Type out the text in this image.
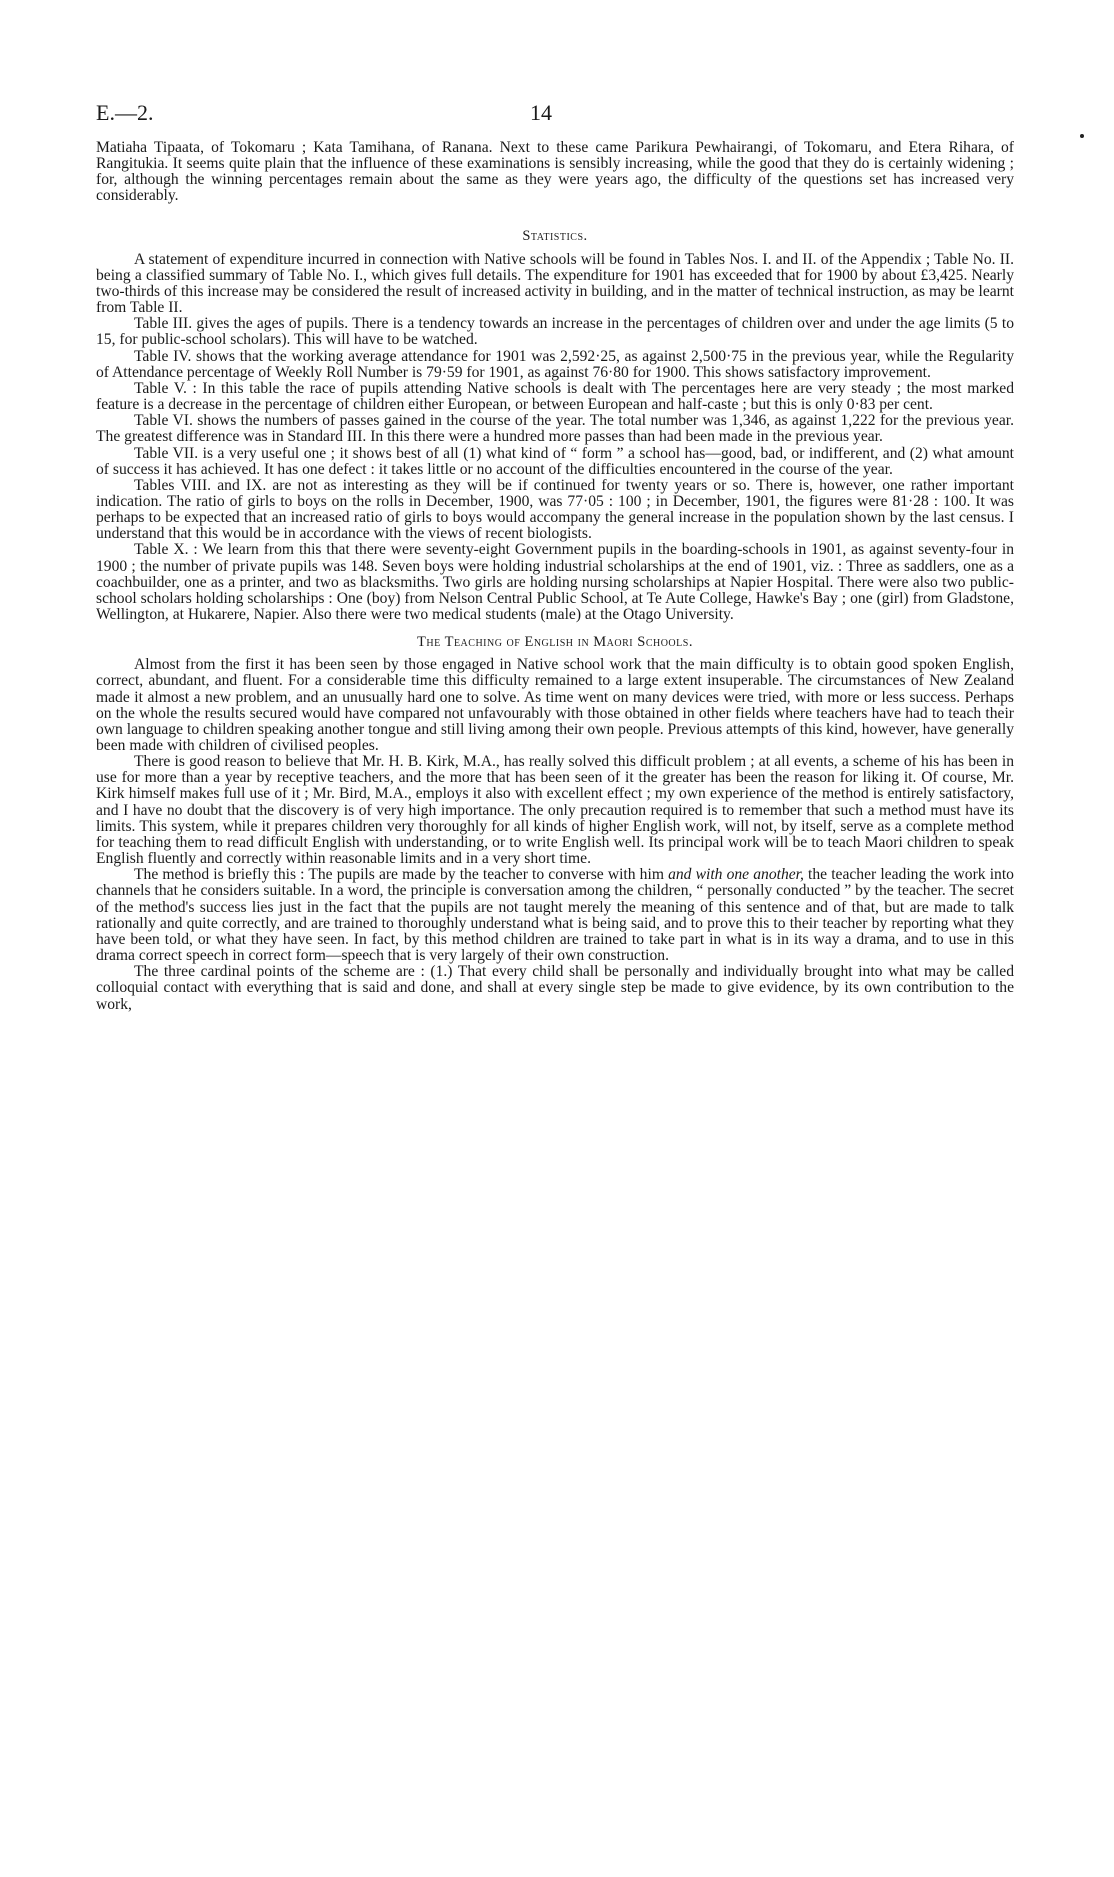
E.—2.	14

Matiaha Tipaata, of Tokomaru ; Kata Tamihana, of Ranana. Next to these came Parikura Pewhairangi, of Tokomaru, and Etera Rihara, of Rangitukia. It seems quite plain that the influence of these examinations is sensibly increasing, while the good that they do is certainly widening ; for, although the winning percentages remain about the same as they were years ago, the difficulty of the questions set has increased very considerably.

Statistics.

A statement of expenditure incurred in connection with Native schools will be found in Tables Nos. I. and II. of the Appendix ; Table No. II. being a classified summary of Table No. I., which gives full details. The expenditure for 1901 has exceeded that for 1900 by about £3,425. Nearly two-thirds of this increase may be considered the result of increased activity in building, and in the matter of technical instruction, as may be learnt from Table II.

Table III. gives the ages of pupils. There is a tendency towards an increase in the percentages of children over and under the age limits (5 to 15, for public-school scholars). This will have to be watched.

Table IV. shows that the working average attendance for 1901 was 2,592·25, as against 2,500·75 in the previous year, while the Regularity of Attendance percentage of Weekly Roll Number is 79·59 for 1901, as against 76·80 for 1900. This shows satisfactory improvement.

Table V. : In this table the race of pupils attending Native schools is dealt with The percentages here are very steady ; the most marked feature is a decrease in the percentage of children either European, or between European and half-caste ; but this is only 0·83 per cent.

Table VI. shows the numbers of passes gained in the course of the year. The total number was 1,346, as against 1,222 for the previous year. The greatest difference was in Standard III. In this there were a hundred more passes than had been made in the previous year.

Table VII. is a very useful one ; it shows best of all (1) what kind of “ form ” a school has—good, bad, or indifferent, and (2) what amount of success it has achieved. It has one defect : it takes little or no account of the difficulties encountered in the course of the year.

Tables VIII. and IX. are not as interesting as they will be if continued for twenty years or so. There is, however, one rather important indication. The ratio of girls to boys on the rolls in December, 1900, was 77·05 : 100 ; in December, 1901, the figures were 81·28 : 100. It was perhaps to be expected that an increased ratio of girls to boys would accompany the general increase in the population shown by the last census. I understand that this would be in accordance with the views of recent biologists.

Table X. : We learn from this that there were seventy-eight Government pupils in the boarding-schools in 1901, as against seventy-four in 1900 ; the number of private pupils was 148. Seven boys were holding industrial scholarships at the end of 1901, viz. : Three as saddlers, one as a coachbuilder, one as a printer, and two as blacksmiths. Two girls are holding nursing scholarships at Napier Hospital. There were also two public-school scholars holding scholarships : One (boy) from Nelson Central Public School, at Te Aute College, Hawke's Bay ; one (girl) from Gladstone, Wellington, at Hukarere, Napier. Also there were two medical students (male) at the Otago University.

The Teaching of English in Maori Schools.

Almost from the first it has been seen by those engaged in Native school work that the main difficulty is to obtain good spoken English, correct, abundant, and fluent. For a considerable time this difficulty remained to a large extent insuperable. The circumstances of New Zealand made it almost a new problem, and an unusually hard one to solve. As time went on many devices were tried, with more or less success. Perhaps on the whole the results secured would have compared not unfavourably with those obtained in other fields where teachers have had to teach their own language to children speaking another tongue and still living among their own people. Previous attempts of this kind, however, have generally been made with children of civilised peoples.

There is good reason to believe that Mr. H. B. Kirk, M.A., has really solved this difficult problem ; at all events, a scheme of his has been in use for more than a year by receptive teachers, and the more that has been seen of it the greater has been the reason for liking it. Of course, Mr. Kirk himself makes full use of it ; Mr. Bird, M.A., employs it also with excellent effect ; my own experience of the method is entirely satisfactory, and I have no doubt that the discovery is of very high importance. The only precaution required is to remember that such a method must have its limits. This system, while it prepares children very thoroughly for all kinds of higher English work, will not, by itself, serve as a complete method for teaching them to read difficult English with understanding, or to write English well. Its principal work will be to teach Maori children to speak English fluently and correctly within reasonable limits and in a very short time.

The method is briefly this : The pupils are made by the teacher to converse with him and with one another, the teacher leading the work into channels that he considers suitable. In a word, the principle is conversation among the children, “ personally conducted ” by the teacher. The secret of the method's success lies just in the fact that the pupils are not taught merely the meaning of this sentence and of that, but are made to talk rationally and quite correctly, and are trained to thoroughly understand what is being said, and to prove this to their teacher by reporting what they have been told, or what they have seen. In fact, by this method children are trained to take part in what is in its way a drama, and to use in this drama correct speech in correct form—speech that is very largely of their own construction.

The three cardinal points of the scheme are : (1.) That every child shall be personally and individually brought into what may be called colloquial contact with everything that is said and done, and shall at every single step be made to give evidence, by its own contribution to the work,
